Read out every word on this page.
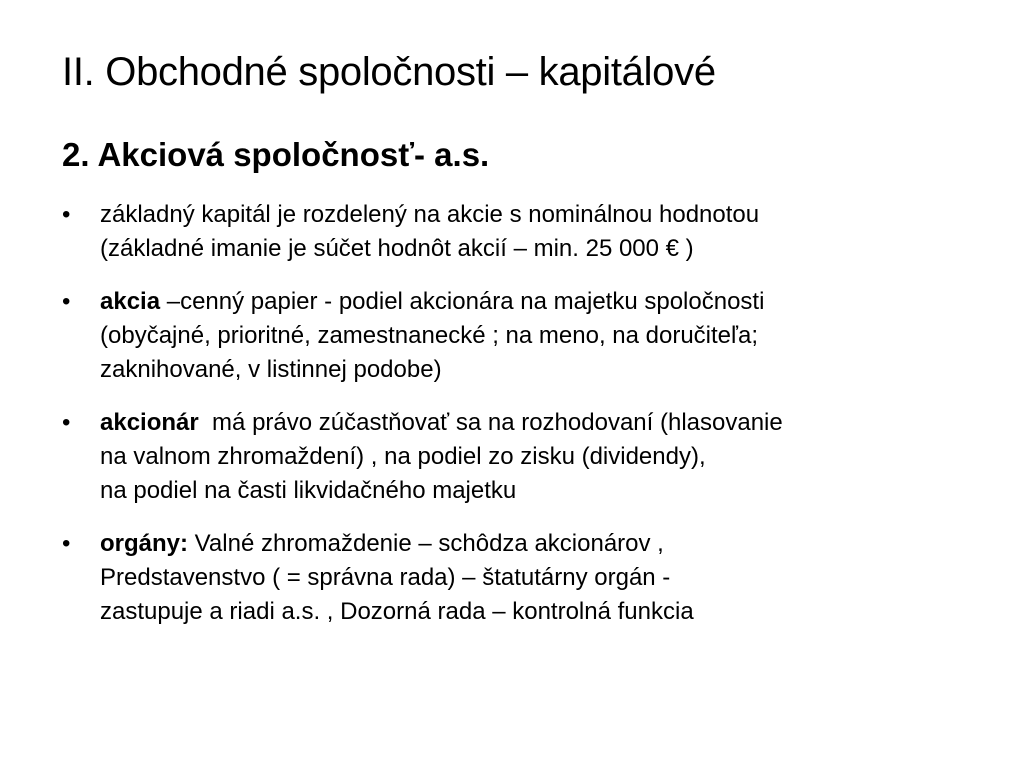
II. Obchodné spoločnosti – kapitálové
2. Akciová spoločnosť- a.s.
• základný kapitál je rozdelený na akcie s nominálnou hodnotou
(základné imanie je súčet hodnôt akcií – min. 25 000 € )
• akcia –cenný papier - podiel akcionára na majetku spoločnosti
(obyčajné, prioritné, zamestnanecké ; na meno, na doručiteľa;
zaknihované, v listinnej podobe)
• akcionár  má právo zúčastňovať sa na rozhodovaní (hlasovanie
na valnom zhromaždení) , na podiel zo zisku (dividendy),
na podiel na časti likvidačného majetku
• orgány: Valné zhromaždenie – schôdza akcionárov ,
Predstavenstvo ( = správna rada) – štatutárny orgán -
zastupuje a riadi a.s. , Dozorná rada – kontrolná funkcia
